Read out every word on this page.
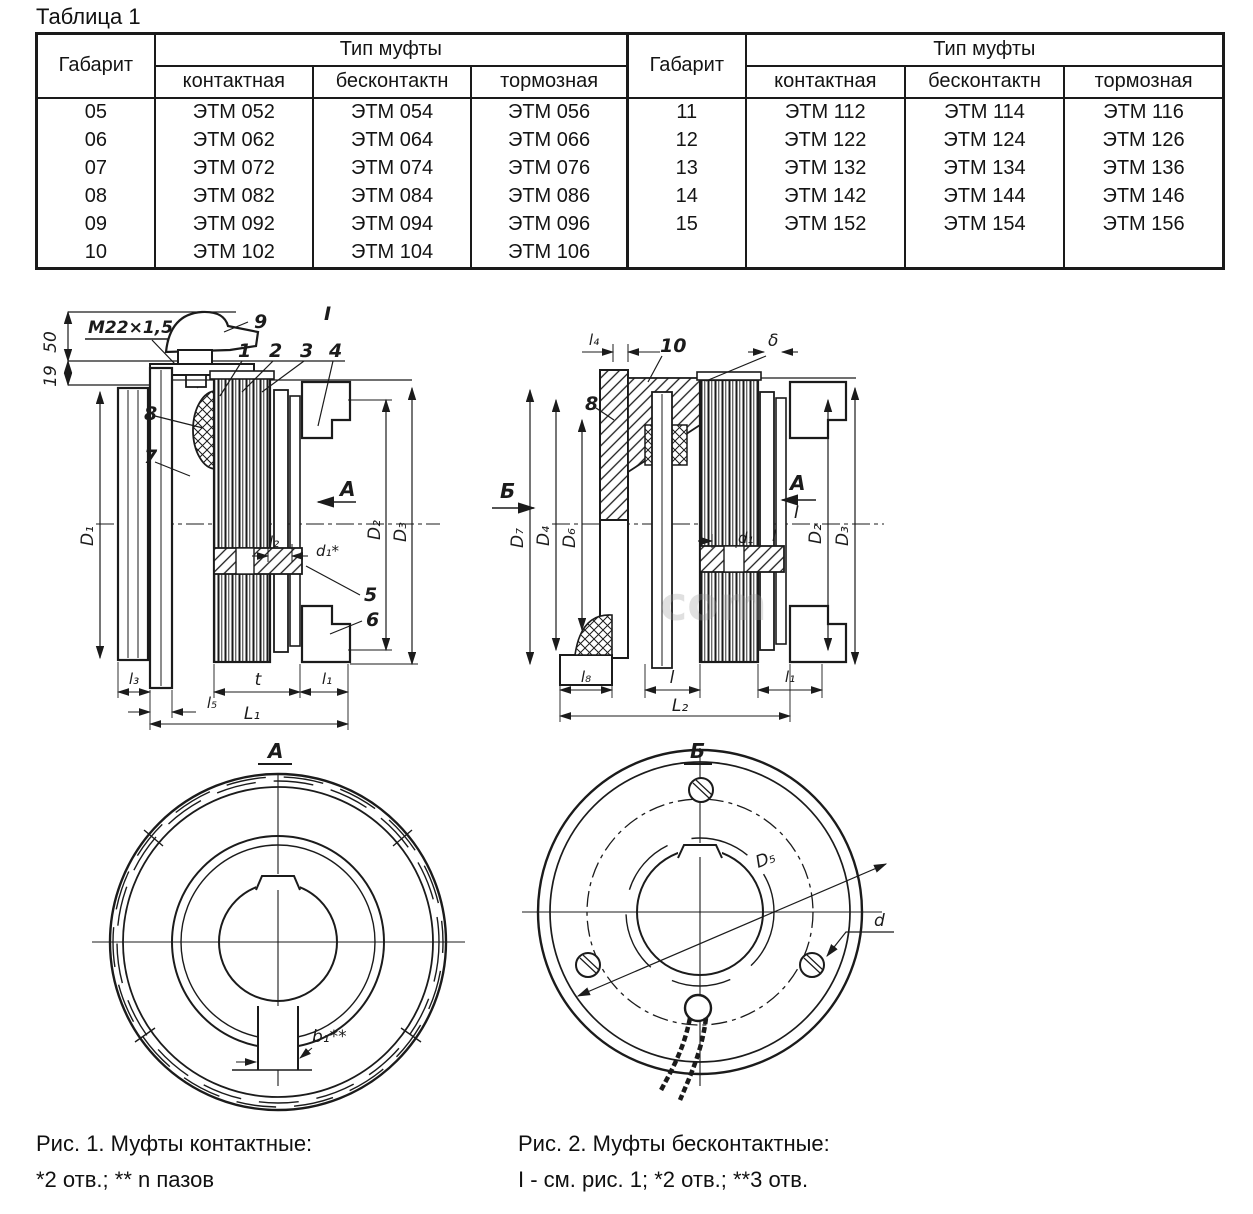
Таблица 1
Габарит	Тип муфты			Габарит	Тип муфты		
	контактная	бесконтактн	тормозная		контактная	бесконтактн	тормозная
05	ЭТМ 052	ЭТМ 054	ЭТМ 056	11	ЭТМ 112	ЭТМ 114	ЭТМ 116
06	ЭТМ 062	ЭТМ 064	ЭТМ 066	12	ЭТМ 122	ЭТМ 124	ЭТМ 126
07	ЭТМ 072	ЭТМ 074	ЭТМ 076	13	ЭТМ 132	ЭТМ 134	ЭТМ 136
08	ЭТМ 082	ЭТМ 084	ЭТМ 086	14	ЭТМ 142	ЭТМ 144	ЭТМ 146
09	ЭТМ 092	ЭТМ 094	ЭТМ 096	15	ЭТМ 152	ЭТМ 154	ЭТМ 156
10	ЭТМ 102	ЭТМ 104	ЭТМ 106				
50
19
М22×1,5	9
1 2 3 4
8
7
5
6
I
А
D₁	D₂ D₃
l₂ d₁*
l₃
l₅
t	l₁
L₁
Б
l₄	10	δ
8
D₇ D₄ D₆	D₂ D₃
А
I
l
d₁
l₈	l	l₁
L₂
com
А
b₁**
Б
D₅
d
Рис. 1. Муфты контактные:
*2 отв.; ** n пазов
Рис. 2. Муфты бесконтактные:
I - см. рис. 1; *2 отв.; **3 отв.
